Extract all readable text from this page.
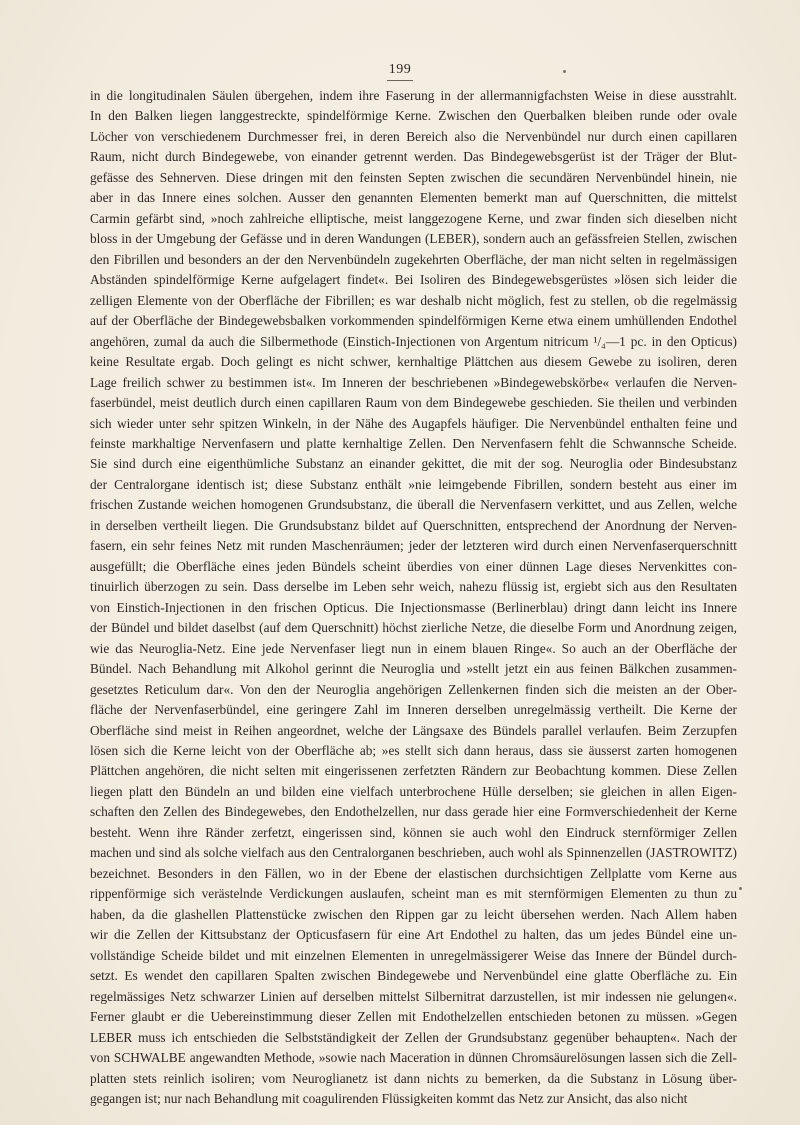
199
in die longitudinalen Säulen übergehen, indem ihre Faserung in der allermannigfachsten Weise in diese ausstrahlt.
In den Balken liegen langgestreckte, spindelförmige Kerne. Zwischen den Querbalken bleiben runde oder ovale
Löcher von verschiedenem Durchmesser frei, in deren Bereich also die Nervenbündel nur durch einen capillaren
Raum, nicht durch Bindegewebe, von einander getrennt werden. Das Bindegewebsgerüst ist der Träger der Blut-
gefässe des Sehnerven. Diese dringen mit den feinsten Septen zwischen die secundären Nervenbündel hinein, nie
aber in das Innere eines solchen. Ausser den genannten Elementen bemerkt man auf Querschnitten, die mittelst
Carmin gefärbt sind, »noch zahlreiche elliptische, meist langgezogene Kerne, und zwar finden sich dieselben nicht
bloss in der Umgebung der Gefässe und in deren Wandungen (LEBER), sondern auch an gefässfreien Stellen, zwischen
den Fibrillen und besonders an der den Nervenbündeln zugekehrten Oberfläche, der man nicht selten in regelmässigen
Abständen spindelförmige Kerne aufgelagert findet«. Bei Isoliren des Bindegewebsgerüstes »lösen sich leider die
zelligen Elemente von der Oberfläche der Fibrillen; es war deshalb nicht möglich, fest zu stellen, ob die regelmässig
auf der Oberfläche der Bindegewebsbalken vorkommenden spindelförmigen Kerne etwa einem umhüllenden Endothel
angehören, zumal da auch die Silbermethode (Einstich-Injectionen von Argentum nitricum ¹/₄—1 pc. in den Opticus)
keine Resultate ergab. Doch gelingt es nicht schwer, kernhaltige Plättchen aus diesem Gewebe zu isoliren, deren
Lage freilich schwer zu bestimmen ist«. Im Inneren der beschriebenen »Bindegewebskörbe« verlaufen die Nerven-
faserbündel, meist deutlich durch einen capillaren Raum von dem Bindegewebe geschieden. Sie theilen und verbinden
sich wieder unter sehr spitzen Winkeln, in der Nähe des Augapfels häufiger. Die Nervenbündel enthalten feine und
feinste markhaltige Nervenfasern und platte kernhaltige Zellen. Den Nervenfasern fehlt die Schwannsche Scheide.
Sie sind durch eine eigenthümliche Substanz an einander gekittet, die mit der sog. Neuroglia oder Bindesubstanz
der Centralorgane identisch ist; diese Substanz enthält »nie leimgebende Fibrillen, sondern besteht aus einer im
frischen Zustande weichen homogenen Grundsubstanz, die überall die Nervenfasern verkittet, und aus Zellen, welche
in derselben vertheilt liegen. Die Grundsubstanz bildet auf Querschnitten, entsprechend der Anordnung der Nerven-
fasern, ein sehr feines Netz mit runden Maschenräumen; jeder der letzteren wird durch einen Nervenfaserquerschnitt
ausgefüllt; die Oberfläche eines jeden Bündels scheint überdies von einer dünnen Lage dieses Nervenkittes con-
tinuirlich überzogen zu sein. Dass derselbe im Leben sehr weich, nahezu flüssig ist, ergiebt sich aus den Resultaten
von Einstich-Injectionen in den frischen Opticus. Die Injectionsmasse (Berlinerblau) dringt dann leicht ins Innere
der Bündel und bildet daselbst (auf dem Querschnitt) höchst zierliche Netze, die dieselbe Form und Anordnung zeigen,
wie das Neuroglia-Netz. Eine jede Nervenfaser liegt nun in einem blauen Ringe«. So auch an der Oberfläche der
Bündel. Nach Behandlung mit Alkohol gerinnt die Neuroglia und »stellt jetzt ein aus feinen Bälkchen zusammen-
gesetztes Reticulum dar«. Von den der Neuroglia angehörigen Zellenkernen finden sich die meisten an der Ober-
fläche der Nervenfaserbündel, eine geringere Zahl im Inneren derselben unregelmässig vertheilt. Die Kerne der
Oberfläche sind meist in Reihen angeordnet, welche der Längsaxe des Bündels parallel verlaufen. Beim Zerzupfen
lösen sich die Kerne leicht von der Oberfläche ab; »es stellt sich dann heraus, dass sie äusserst zarten homogenen
Plättchen angehören, die nicht selten mit eingerissenen zerfetzten Rändern zur Beobachtung kommen. Diese Zellen
liegen platt den Bündeln an und bilden eine vielfach unterbrochene Hülle derselben; sie gleichen in allen Eigen-
schaften den Zellen des Bindegewebes, den Endothelzellen, nur dass gerade hier eine Formverschiedenheit der Kerne
besteht. Wenn ihre Ränder zerfetzt, eingerissen sind, können sie auch wohl den Eindruck sternförmiger Zellen
machen und sind als solche vielfach aus den Centralorganen beschrieben, auch wohl als Spinnenzellen (JASTROWITZ)
bezeichnet. Besonders in den Fällen, wo in der Ebene der elastischen durchsichtigen Zellplatte vom Kerne aus
rippenförmige sich verästelnde Verdickungen auslaufen, scheint man es mit sternförmigen Elementen zu thun zu
haben, da die glashellen Plattenstücke zwischen den Rippen gar zu leicht übersehen werden. Nach Allem haben
wir die Zellen der Kittsubstanz der Opticusfasern für eine Art Endothel zu halten, das um jedes Bündel eine un-
vollständige Scheide bildet und mit einzelnen Elementen in unregelmässigerer Weise das Innere der Bündel durch-
setzt. Es wendet den capillaren Spalten zwischen Bindegewebe und Nervenbündel eine glatte Oberfläche zu. Ein
regelmässiges Netz schwarzer Linien auf derselben mittelst Silbernitrat darzustellen, ist mir indessen nie gelungen«.
Ferner glaubt er die Uebereinstimmung dieser Zellen mit Endothelzellen entschieden betonen zu müssen. »Gegen
LEBER muss ich entschieden die Selbstständigkeit der Zellen der Grundsubstanz gegenüber behaupten«. Nach der
von SCHWALBE angewandten Methode, »sowie nach Maceration in dünnen Chromsäurelösungen lassen sich die Zell-
platten stets reinlich isoliren; vom Neuroglianetz ist dann nichts zu bemerken, da die Substanz in Lösung über-
gegangen ist; nur nach Behandlung mit coagulirenden Flüssigkeiten kommt das Netz zur Ansicht, das also nicht
